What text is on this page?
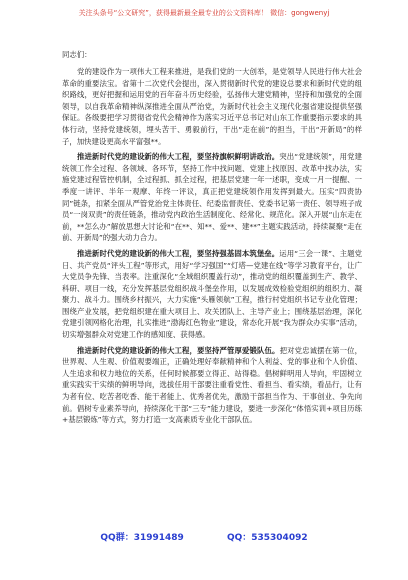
关注头条号“公文研究”，获得最新最全最专业的公文资料库！ 微信：gongwenyj
同志们：

党的建设作为一项伟大工程来推进，是我们党的一大创举，是党领导人民进行伟大社会革命的重要法宝。省第十二次党代会提出，深入贯彻新时代党的建设总要求和新时代党的组织路线，更好把握和运用党的百年奋斗历史经验，弘扬伟大建党精神，坚持和加强党的全面领导，以自我革命精神纵深推进全面从严治党，为新时代社会主义现代化强省建设提供坚强保证。各级要把学习贯彻省党代会精神作为落实习近平总书记对山东工作重要指示要求的具体行动，坚持党建统领，埋头苦干、勇毅前行，干出“走在前”的担当，干出“开新局”的样子，加快建设更高水平富强**。

推进新时代党的建设新的伟大工程，要坚持旗帜鲜明讲政治。突出“党建统领”，用党建统领工作全过程、各领域、各环节，坚持工作中找问题、党建上找原因、改革中找办法，实施党建过程管控机制，全过程抓、抓全过程，把基层党建一年一述职，变成一月一提醒、一季度一讲评、半年一观摩、年终一评议，真正把党建统领作用发挥到最大。压实“四责协同”链条，扣紧全面从严管党治党主体责任、纪委监督责任、党委书记第一责任、领导班子成员“一岗双责”的责任链条，推动党内政治生活制度化、经常化、规范化。深入开展“山东走在前，**怎么办”解放思想大讨论和“在**、知**、爱**、建**”主题实践活动，持续凝聚“走在前、开新局”的强大动力合力。

推进新时代党的建设新的伟大工程，要坚持强基固本筑堡垒。运用“三会一课”、主题党日、共产党员“评头工程”等形式，用好“学习强国”“灯塔—党建在线”等学习教育平台，让广大党员争先锋、当表率。注重深化“全域组织覆盖行动”，推动党的组织覆盖到生产、教学、科研、项目一线，充分发挥基层党组织战斗堡垒作用，以发展成效检验党组织的组织力、凝聚力、战斗力。围绕乡村振兴，大力实施“头雁领航”工程，推行村党组织书记专业化管理；围绕产业发展，把党组织建在重大项目上、攻关团队上、主导产业上；围绕基层治理，深化党建引领网格化治理，扎实推进“渤海红色物业”建设，常态化开展“我为群众办实事”活动，切实增强群众对党建工作的感知度、获得感。

推进新时代党的建设新的伟大工程，要坚持严管厚爱锻队伍。把对党忠诚摆在第一位，世界观、人生观、价值观要端正，正确处理好奉献精神和个人利益、党的事业和个人价值、人生追求和权力地位的关系，任何时候都要立得正、站得稳。倡树鲜明用人导向，牢固树立重实践实干实绩的鲜明导向，选拔任用干部要注重看党性、看担当、看实绩，看品行，让有为者有位、吃苦者吃香、能干者能上、优秀者优先，激励干部担当作为、干事创业、争先向前。倡树专业素养导向，持续深化干部“三专”能力建设，要进一步深化“体悟实训+项目历练+基层锻炼”等方式，努力打造一支高素质专业化干部队伍。

QQ群：31991489	QQ：535304092
